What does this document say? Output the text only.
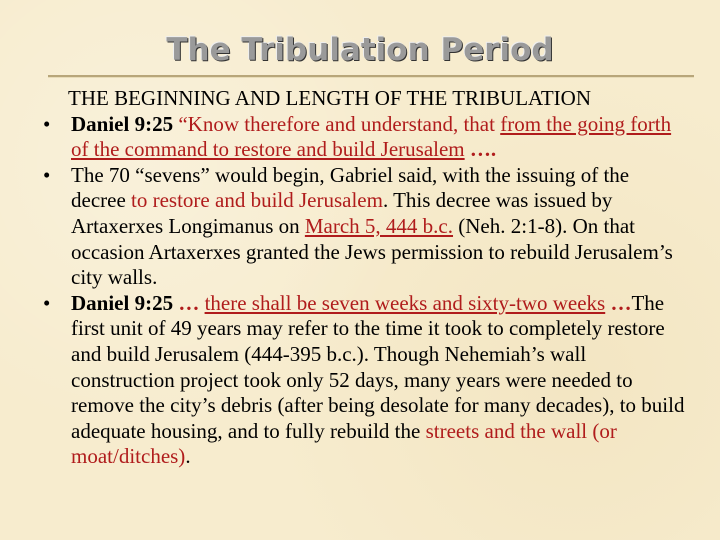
The Tribulation Period

THE BEGINNING AND LENGTH OF THE TRIBULATION

• Daniel 9:25 “Know therefore and understand, that from the going forth of the command to restore and build Jerusalem ….
• The 70 “sevens” would begin, Gabriel said, with the issuing of the decree to restore and build Jerusalem. This decree was issued by Artaxerxes Longimanus on March 5, 444 b.c. (Neh. 2:1-8). On that occasion Artaxerxes granted the Jews permission to rebuild Jerusalem’s city walls.
• Daniel 9:25 … there shall be seven weeks and sixty-two weeks …The first unit of 49 years may refer to the time it took to completely restore and build Jerusalem (444-395 b.c.). Though Nehemiah’s wall construction project took only 52 days, many years were needed to remove the city’s debris (after being desolate for many decades), to build adequate housing, and to fully rebuild the streets and the wall (or moat/ditches).
